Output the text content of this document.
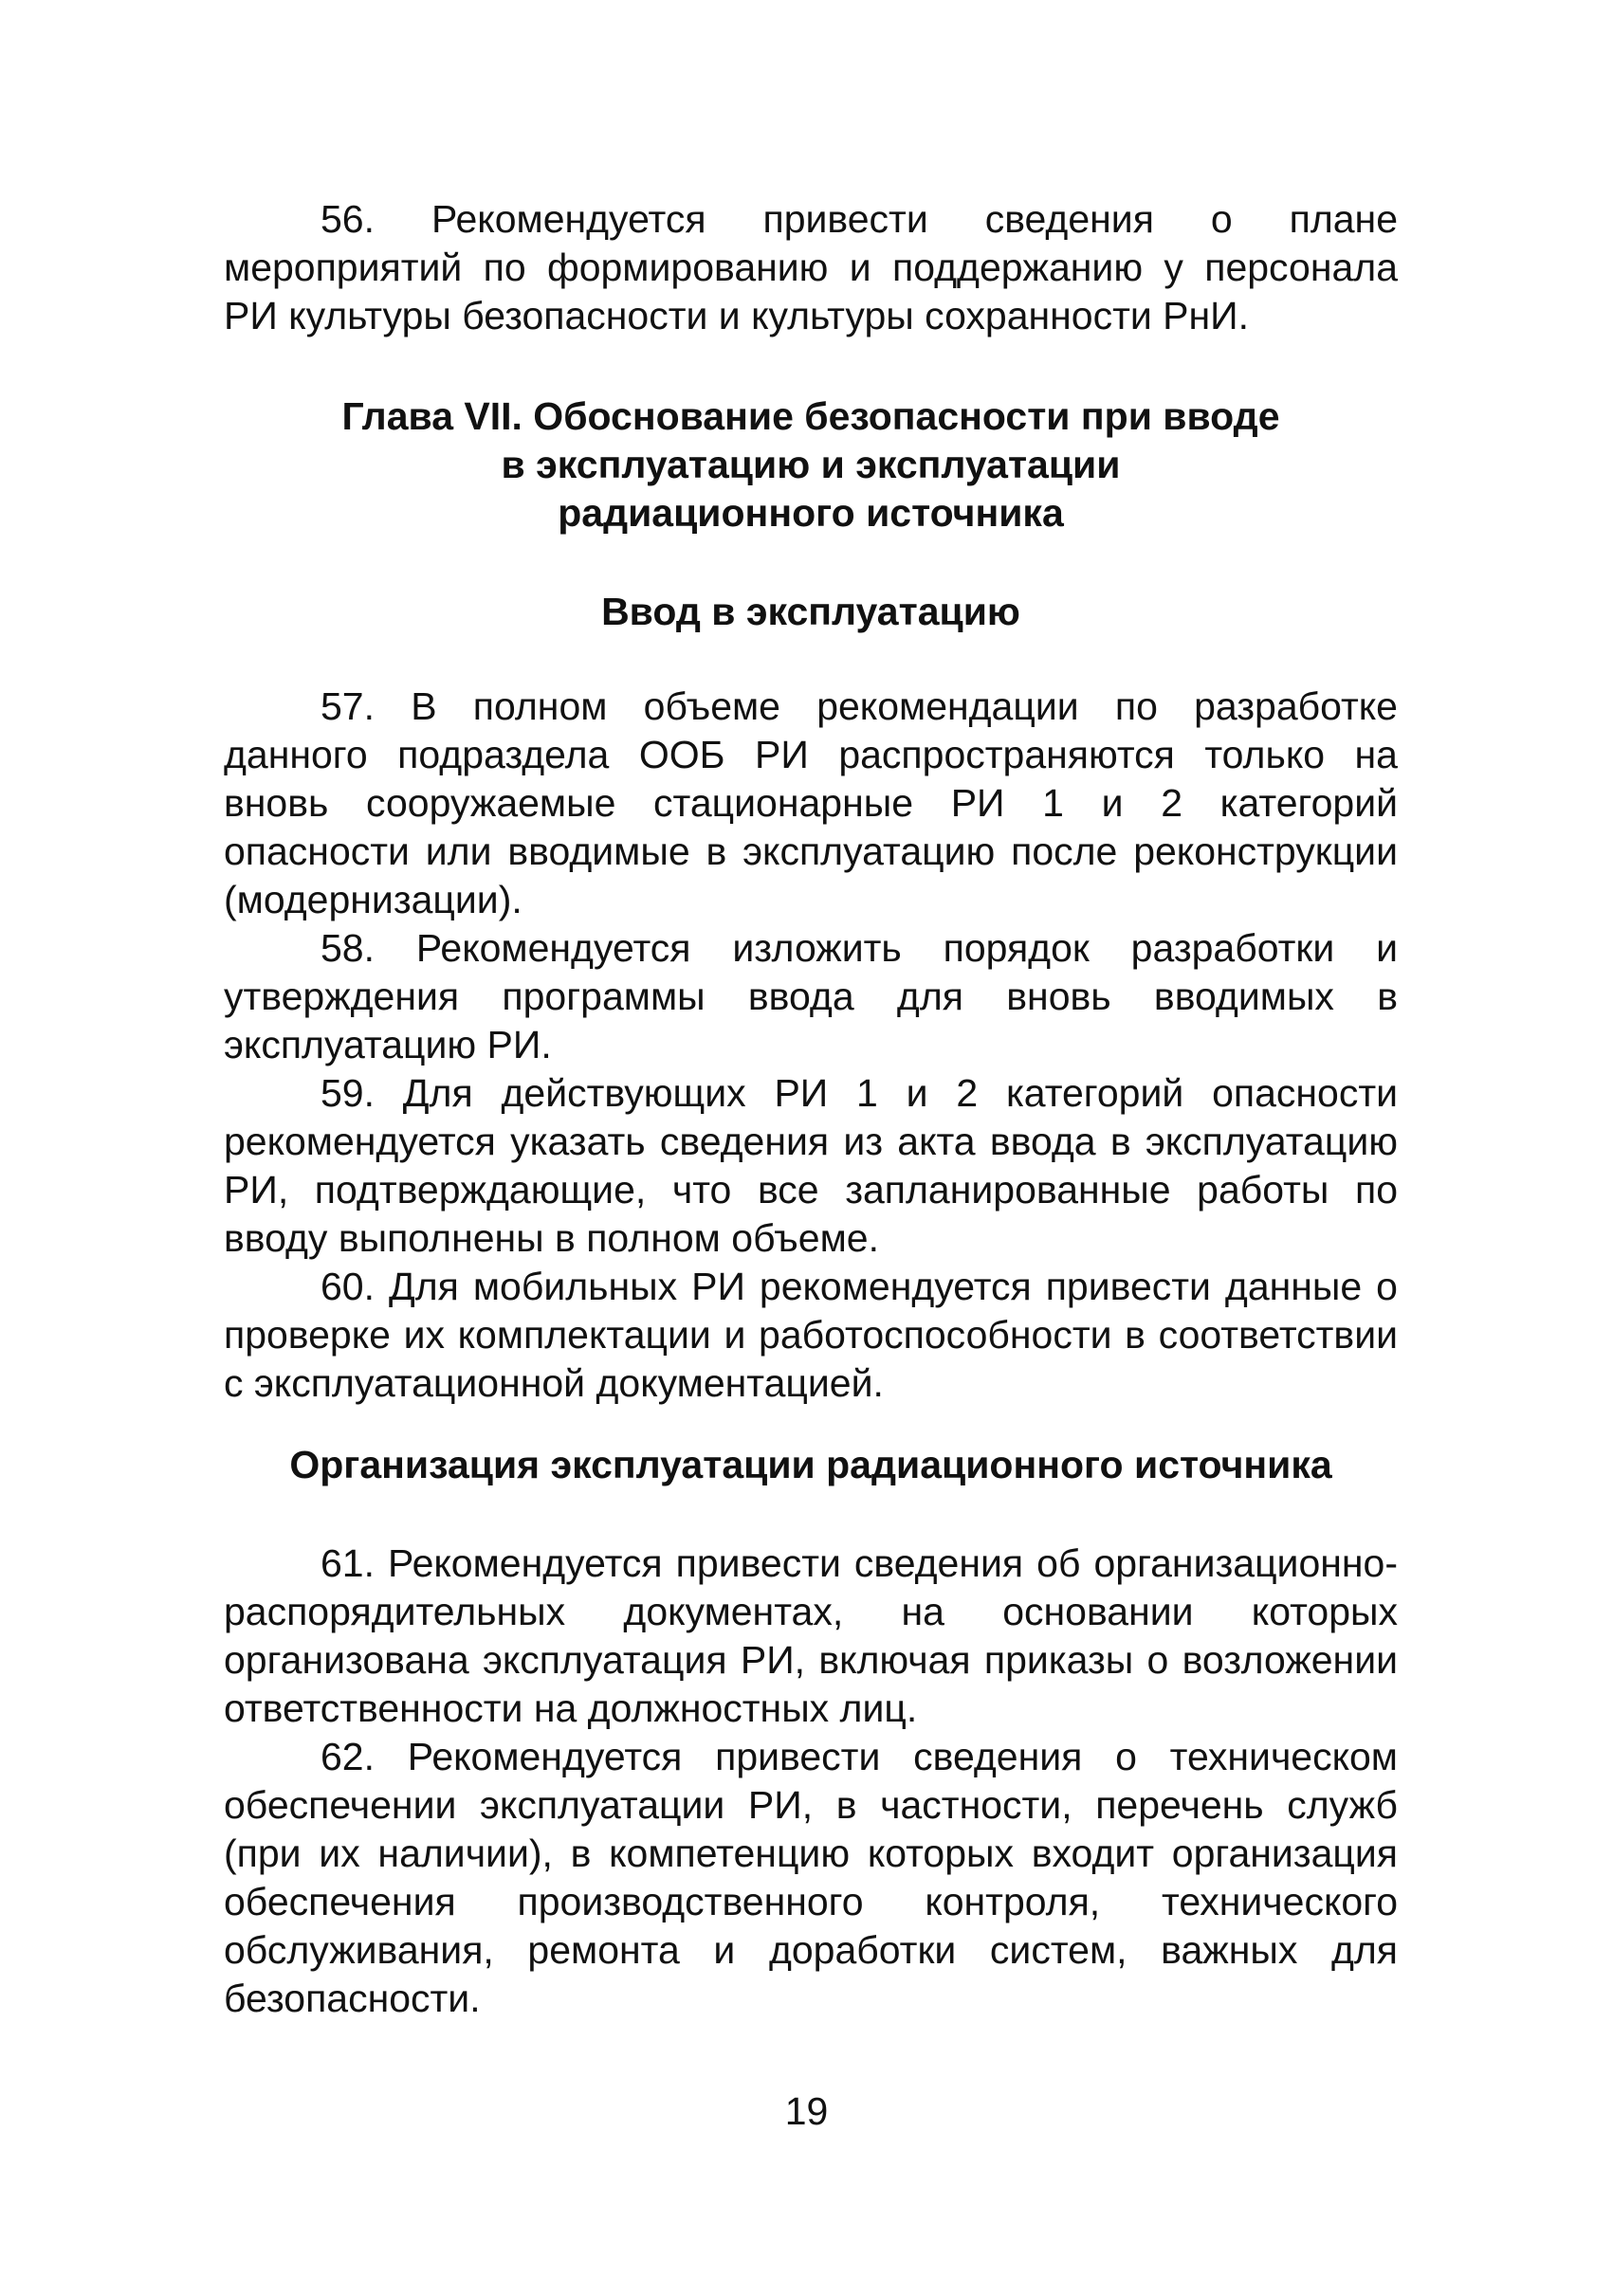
56. Рекомендуется привести сведения о плане мероприятий по формированию и поддержанию у персонала РИ культуры безопасности и культуры сохранности РнИ.

Глава VII. Обоснование безопасности при вводе
в эксплуатацию и эксплуатации
радиационного источника

Ввод в эксплуатацию

57. В полном объеме рекомендации по разработке данного подраздела ООБ РИ распространяются только на вновь сооружаемые стационарные РИ 1 и 2 категорий опасности или вводимые в эксплуатацию после реконструкции (модернизации).

58. Рекомендуется изложить порядок разработки и утверждения программы ввода для вновь вводимых в эксплуатацию РИ.

59. Для действующих РИ 1 и 2 категорий опасности рекомендуется указать сведения из акта ввода в эксплуатацию РИ, подтверждающие, что все запланированные работы по вводу выполнены в полном объеме.

60. Для мобильных РИ рекомендуется привести данные о проверке их комплектации и работоспособности в соответствии с эксплуатационной документацией.

Организация эксплуатации радиационного источника

61. Рекомендуется привести сведения об организационно-распорядительных документах, на основании которых организована эксплуатация РИ, включая приказы о возложении ответственности на должностных лиц.

62. Рекомендуется привести сведения о техническом обеспечении эксплуатации РИ, в частности, перечень служб (при их наличии), в компетенцию которых входит организация обеспечения производственного контроля, технического обслуживания, ремонта и доработки систем, важных для безопасности.

19
